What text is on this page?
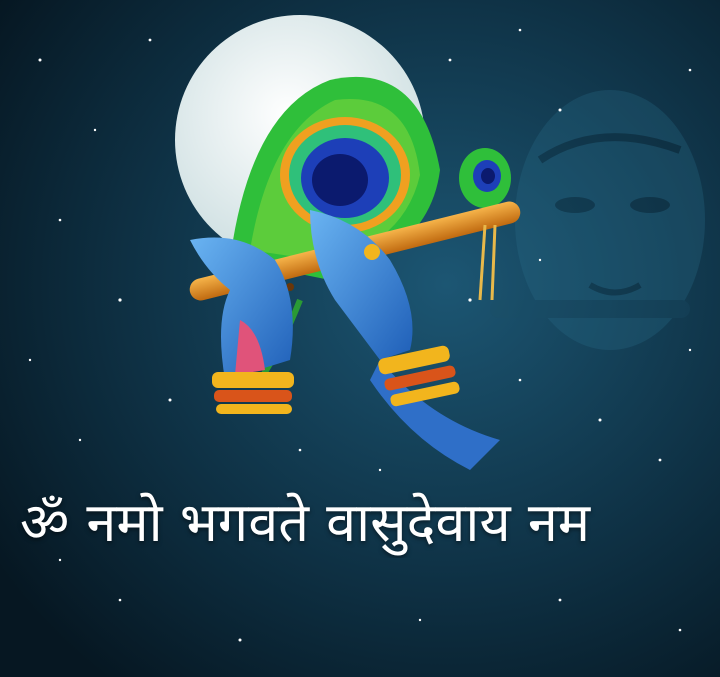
ॐ नमो भगवते वासुदेवाय नम
